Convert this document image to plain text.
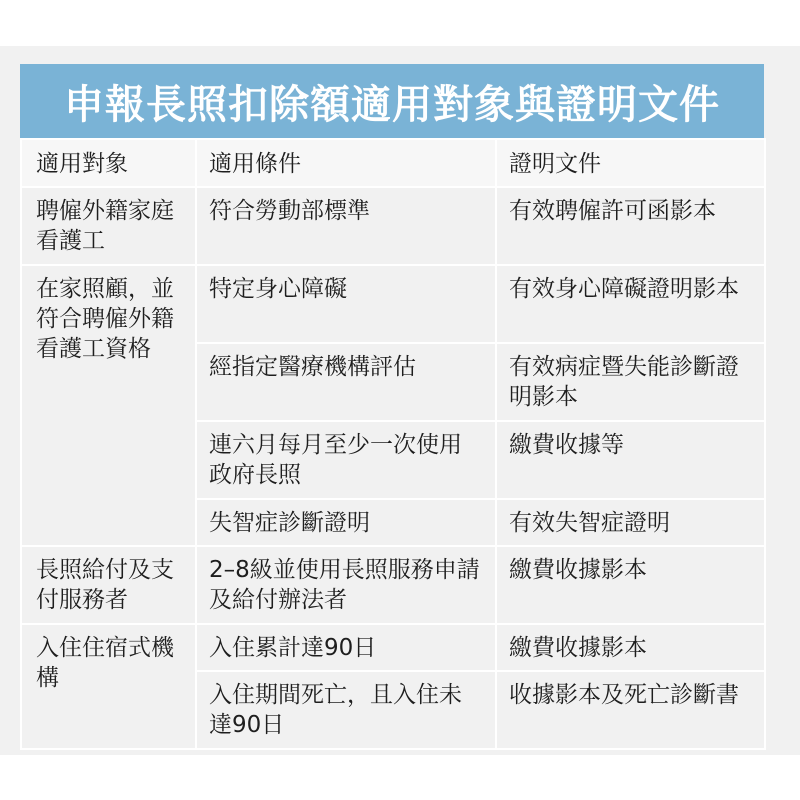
申報長照扣除額適用對象與證明文件
適用對象	適用條件	證明文件
聘僱外籍家庭看護工	符合勞動部標準	有效聘僱許可函影本
在家照顧，並符合聘僱外籍看護工資格	特定身心障礙	有效身心障礙證明影本
	經指定醫療機構評估	有效病症暨失能診斷證明影本
	連六月每月至少一次使用政府長照	繳費收據等
	失智症診斷證明	有效失智症證明
長照給付及支付服務者	2–8級並使用長照服務申請及給付辦法者	繳費收據影本
入住住宿式機構	入住累計達90日	繳費收據影本
	入住期間死亡，且入住未達90日	收據影本及死亡診斷書
